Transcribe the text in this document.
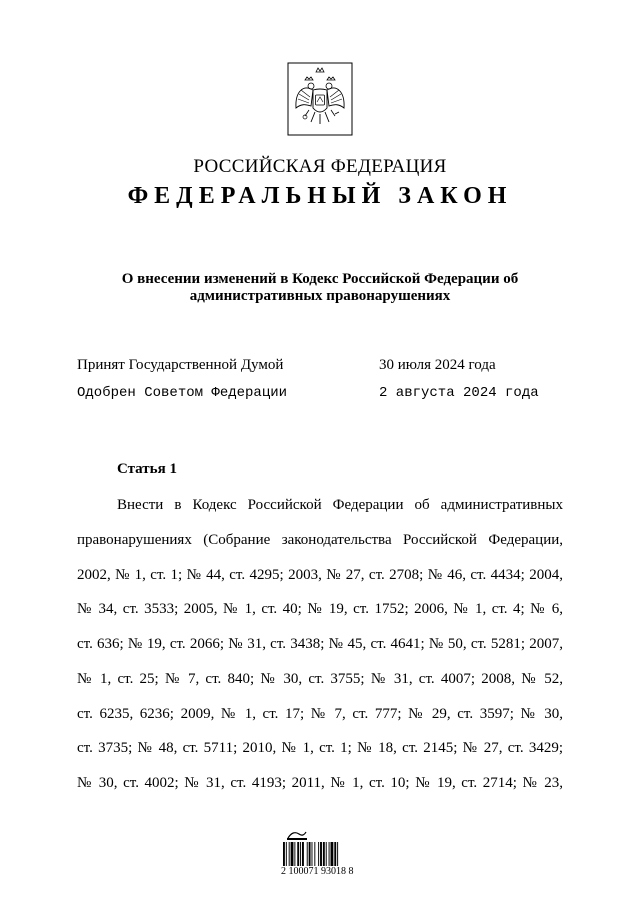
РОССИЙСКАЯ ФЕДЕРАЦИЯ
ФЕДЕРАЛЬНЫЙ ЗАКОН
О внесении изменений в Кодекс Российской Федерации об административных правонарушениях
Принят Государственной Думой	30 июля 2024 года
Одобрен Советом Федерации	2 августа 2024 года
Статья 1
Внести в Кодекс Российской Федерации об административных
правонарушениях (Собрание законодательства Российской Федерации,
2002, № 1, ст. 1; № 44, ст. 4295; 2003, № 27, ст. 2708; № 46, ст. 4434; 2004,
№ 34, ст. 3533; 2005, № 1, ст. 40; № 19, ст. 1752; 2006, № 1, ст. 4; № 6,
ст. 636; № 19, ст. 2066; № 31, ст. 3438; № 45, ст. 4641; № 50, ст. 5281; 2007,
№ 1, ст. 25; № 7, ст. 840; № 30, ст. 3755; № 31, ст. 4007; 2008, № 52,
ст. 6235, 6236; 2009, № 1, ст. 17; № 7, ст. 777; № 29, ст. 3597; № 30,
ст. 3735; № 48, ст. 5711; 2010, № 1, ст. 1; № 18, ст. 2145; № 27, ст. 3429;
№ 30, ст. 4002; № 31, ст. 4193; 2011, № 1, ст. 10; № 19, ст. 2714; № 23,
2 100071 93018 8
